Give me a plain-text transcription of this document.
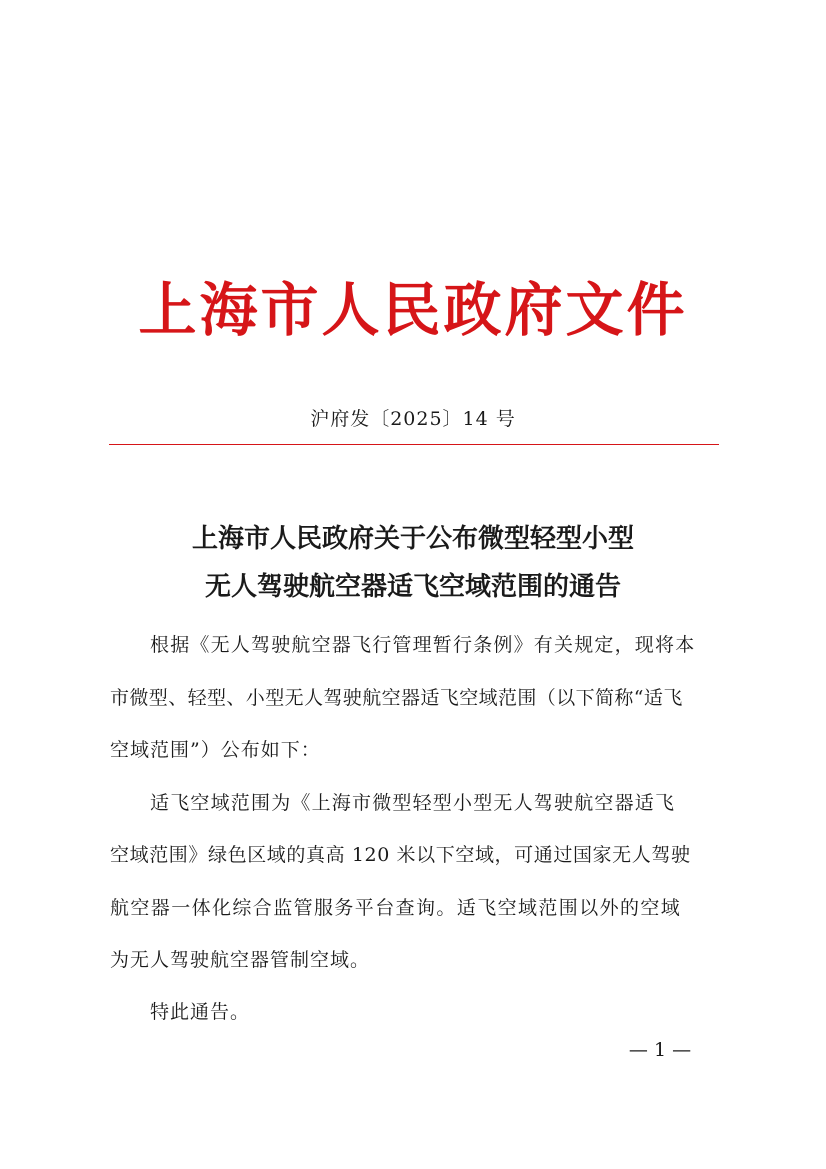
上海市人民政府文件
沪府发〔2025〕14 号
上海市人民政府关于公布微型轻型小型
无人驾驶航空器适飞空域范围的通告
根据《无人驾驶航空器飞行管理暂行条例》有关规定，现将本
市微型、轻型、小型无人驾驶航空器适飞空域范围（以下简称“适飞
空域范围”）公布如下：
适飞空域范围为《上海市微型轻型小型无人驾驶航空器适飞
空域范围》绿色区域的真高 120 米以下空域，可通过国家无人驾驶
航空器一体化综合监管服务平台查询。适飞空域范围以外的空域
为无人驾驶航空器管制空域。
特此通告。
— 1 —
